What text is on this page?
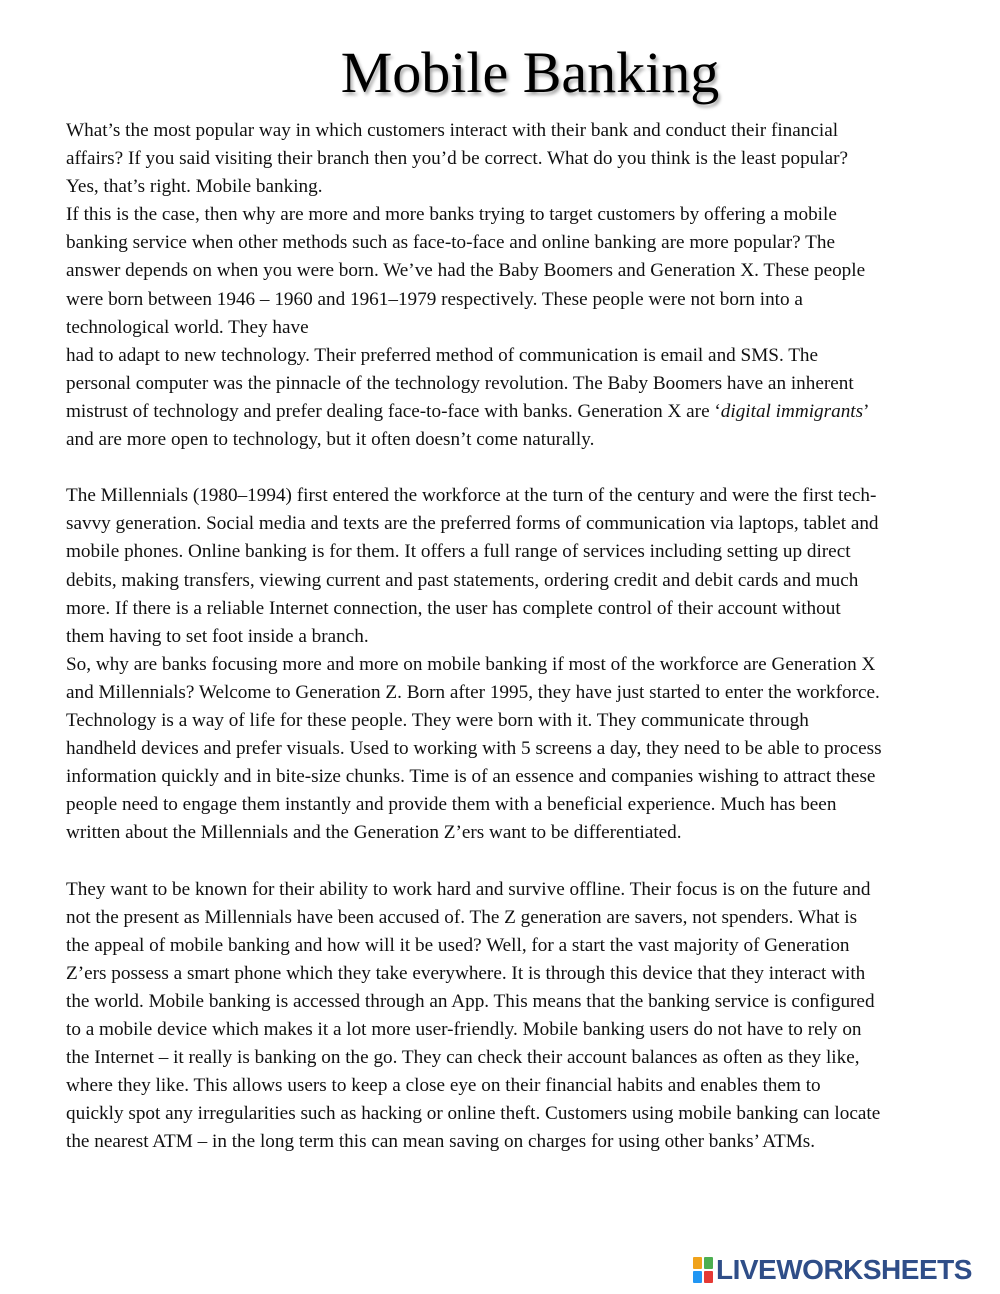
Mobile Banking
What’s the most popular way in which customers interact with their bank and conduct their financial
affairs? If you said visiting their branch then you’d be correct. What do you think is the least popular?
Yes, that’s right. Mobile banking.
If this is the case, then why are more and more banks trying to target customers by offering a mobile
banking service when other methods such as face-to-face and online banking are more popular? The
answer depends on when you were born. We’ve had the Baby Boomers and Generation X. These people
were born between 1946 – 1960 and 1961–1979 respectively. These people were not born into a
technological world. They have
had to adapt to new technology. Their preferred method of communication is email and SMS. The
personal computer was the pinnacle of the technology revolution. The Baby Boomers have an inherent
mistrust of technology and prefer dealing face-to-face with banks. Generation X are ‘digital immigrants’
and are more open to technology, but it often doesn’t come naturally.
The Millennials (1980–1994) first entered the workforce at the turn of the century and were the first tech-
savvy generation. Social media and texts are the preferred forms of communication via laptops, tablet and
mobile phones. Online banking is for them. It offers a full range of services including setting up direct
debits, making transfers, viewing current and past statements, ordering credit and debit cards and much
more. If there is a reliable Internet connection, the user has complete control of their account without
them having to set foot inside a branch.
So, why are banks focusing more and more on mobile banking if most of the workforce are Generation X
and Millennials? Welcome to Generation Z. Born after 1995, they have just started to enter the workforce.
Technology is a way of life for these people. They were born with it. They communicate through
handheld devices and prefer visuals. Used to working with 5 screens a day, they need to be able to process
information quickly and in bite-size chunks. Time is of an essence and companies wishing to attract these
people need to engage them instantly and provide them with a beneficial experience. Much has been
written about the Millennials and the Generation Z’ers want to be differentiated.
They want to be known for their ability to work hard and survive offline. Their focus is on the future and
not the present as Millennials have been accused of. The Z generation are savers, not spenders. What is
the appeal of mobile banking and how will it be used? Well, for a start the vast majority of Generation
Z’ers possess a smart phone which they take everywhere. It is through this device that they interact with
the world. Mobile banking is accessed through an App. This means that the banking service is configured
to a mobile device which makes it a lot more user-friendly. Mobile banking users do not have to rely on
the Internet – it really is banking on the go. They can check their account balances as often as they like,
where they like. This allows users to keep a close eye on their financial habits and enables them to
quickly spot any irregularities such as hacking or online theft. Customers using mobile banking can locate
the nearest ATM – in the long term this can mean saving on charges for using other banks’ ATMs.
LIVEWORKSHEETS
